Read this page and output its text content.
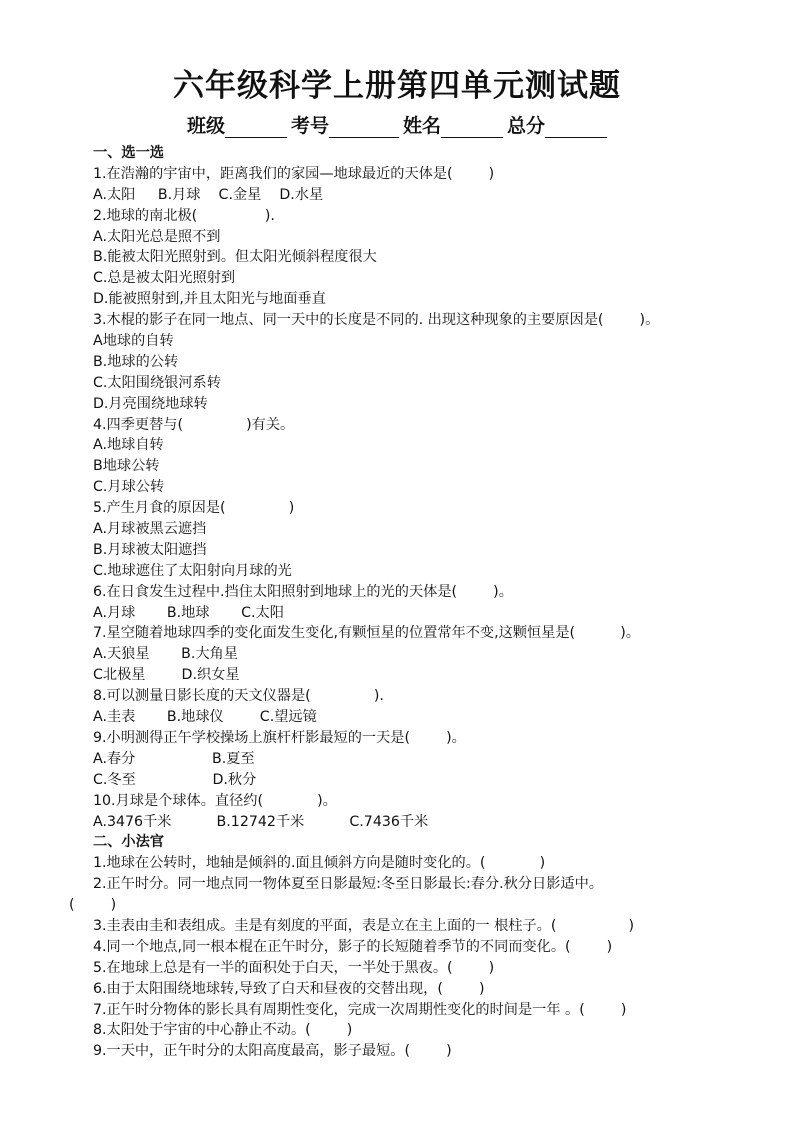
六年级科学上册第四单元测试题
班级	考号	姓名	总分
一、选一选
1.在浩瀚的宇宙中，距离我们的家园—地球最近的天体是(        )
A.太阳     B.月球    C.金星    D.水星
2.地球的南北极(               ).
A.太阳光总是照不到
B.能被太阳光照射到。但太阳光倾斜程度很大
C.总是被太阳光照射到
D.能被照射到,并且太阳光与地面垂直
3.木棍的影子在同一地点、同一天中的长度是不同的. 出现这种现象的主要原因是(        )。
A地球的自转
B.地球的公转
C.太阳围绕银河系转
D.月亮围绕地球转
4.四季更替与(              )有关。
A.地球自转
B地球公转
C.月球公转
5.产生月食的原因是(              )
A.月球被黑云遮挡
B.月球被太阳遮挡
C.地球遮住了太阳射向月球的光
6.在日食发生过程中.挡住太阳照射到地球上的光的天体是(        )。
A.月球       B.地球       C.太阳
7.星空随着地球四季的变化面发生变化,有颗恒星的位置常年不变,这颗恒星是(          )。
A.天狼星       B.大角星
C北极星        D.织女星
8.可以测量日影长度的天文仪器是(              ).
A.圭表       B.地球仪        C.望远镜
9.小明测得正午学校操场上旗杆杆影最短的一天是(        )。
A.春分                 B.夏至
C.冬至                 D.秋分
10.月球是个球体。直径约(            )。
A.3476千米          B.12742千米          C.7436千米
二、小法官
1.地球在公转时，地轴是倾斜的.面且倾斜方向是随时变化的。(            )
2.正午时分。同一地点同一物体夏至日影最短:冬至日影最长:春分.秋分日影适中。
(        )
3.圭表由圭和表组成。圭是有刻度的平面，表是立在主上面的一 根柱子。(                )
4.同一个地点,同一根本棍在正午时分，影子的长短随着季节的不同而变化。(        )
5.在地球上总是有一半的面积处于白天，一半处于黑夜。(        )
6.由于太阳围绕地球转,导致了白天和昼夜的交替出现，(        )
7.正午时分物体的影长具有周期性变化，完成一次周期性变化的时间是一年 。(        )
8.太阳处于宇宙的中心静止不动。(        )
9.一天中，正午时分的太阳高度最高，影子最短。(        )
